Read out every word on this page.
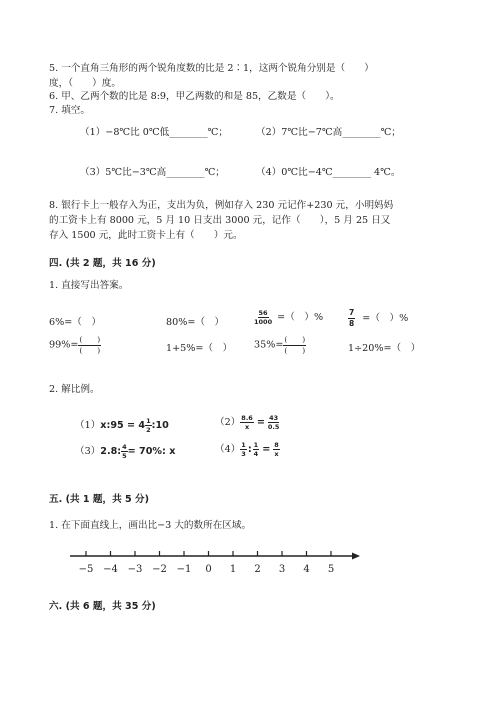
5. 一个直角三角形的两个锐角度数的比是 2∶1，这两个锐角分别是（　　）
度，（　　）度。
6. 甲、乙两个数的比是 8:9，甲乙两数的和是 85，乙数是（　　）。
7. 填空。
（1）−8℃比 0℃低________℃；	（2）7℃比−7℃高________℃；
（3）5℃比−3℃高________℃；	（4）0℃比−4℃________ 4℃。
8. 银行卡上一般存入为正，支出为负，例如存入 230 元记作+230 元，小明妈妈
的工资卡上有 8000 元，5 月 10 日支出 3000 元，记作（　　），5 月 25 日又
存入 1500 元，此时工资卡上有（　　）元。
四. (共 2 题，共 16 分)
1. 直接写出答案。
6%=（　）	80%=（　）	$\frac{56}{1000}$ =（　）%	$\frac{7}{8}$ =（　）%
$99\%= \frac{( )}{( )}$	1+5%=（　） $35\%= \frac{( )}{( )}$	1÷20%=（　）
2. 解比例。
（1）x:95 = $4 \frac{1}{2}$ :10	$(2) \frac{8.6}{x} = \frac{43}{0.5}$
（3）2.8: $\frac{4}{5} = 70\%$: x	$(4) \frac{1}{3}$ : $\frac{1}{4} = \frac{8}{x}$
五. (共 1 题，共 5 分)
1. 在下面直线上，画出比−3 大的数所在区域。
−5 −4 −3 −2 −1 0 1 2 3 4 5
六. (共 6 题，共 35 分)
